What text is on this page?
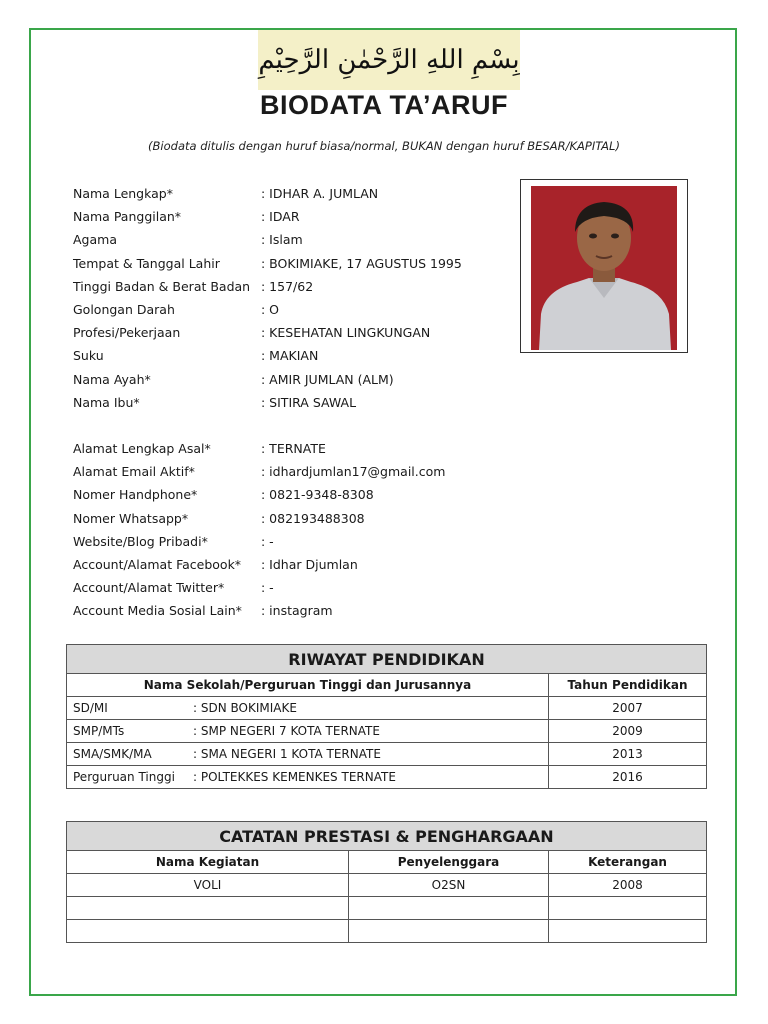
بِسْمِ اللهِ الرَّحْمٰنِ الرَّحِيْمِ
BIODATA TA’ARUF
(Biodata ditulis dengan huruf biasa/normal, BUKAN dengan huruf BESAR/KAPITAL)
Nama Lengkap*	: IDHAR A. JUMLAN
Nama Panggilan*	: IDAR
Agama	: Islam
Tempat & Tanggal Lahir	: BOKIMIAKE, 17 AGUSTUS 1995
Tinggi Badan & Berat Badan : 157/62
Golongan Darah	: O
Profesi/Pekerjaan	: KESEHATAN LINGKUNGAN
Suku	: MAKIAN
Nama Ayah*	: AMIR JUMLAN (ALM)
Nama Ibu*	: SITIRA SAWAL
Alamat Lengkap Asal*	: TERNATE
Alamat Email Aktif*	: idhardjumlan17@gmail.com
Nomer Handphone*	: 0821-9348-8308
Nomer Whatsapp*	: 082193488308
Website/Blog Pribadi*	: -
Account/Alamat Facebook*	: Idhar Djumlan
Account/Alamat Twitter*	: -
Account Media Sosial Lain*	: instagram
RIWAYAT PENDIDIKAN	
Nama Sekolah/Perguruan Tinggi dan Jurusannya	Tahun Pendidikan
SD/MI : SDN BOKIMIAKE	2007
SMP/MTs : SMP NEGERI 7 KOTA TERNATE	2009
SMA/SMK/MA : SMA NEGERI 1 KOTA TERNATE	2013
Perguruan Tinggi : POLTEKKES KEMENKES TERNATE	2016
CATATAN PRESTASI & PENGHARGAAN		
Nama Kegiatan	Penyelenggara	Keterangan
VOLI	O2SN	2008
